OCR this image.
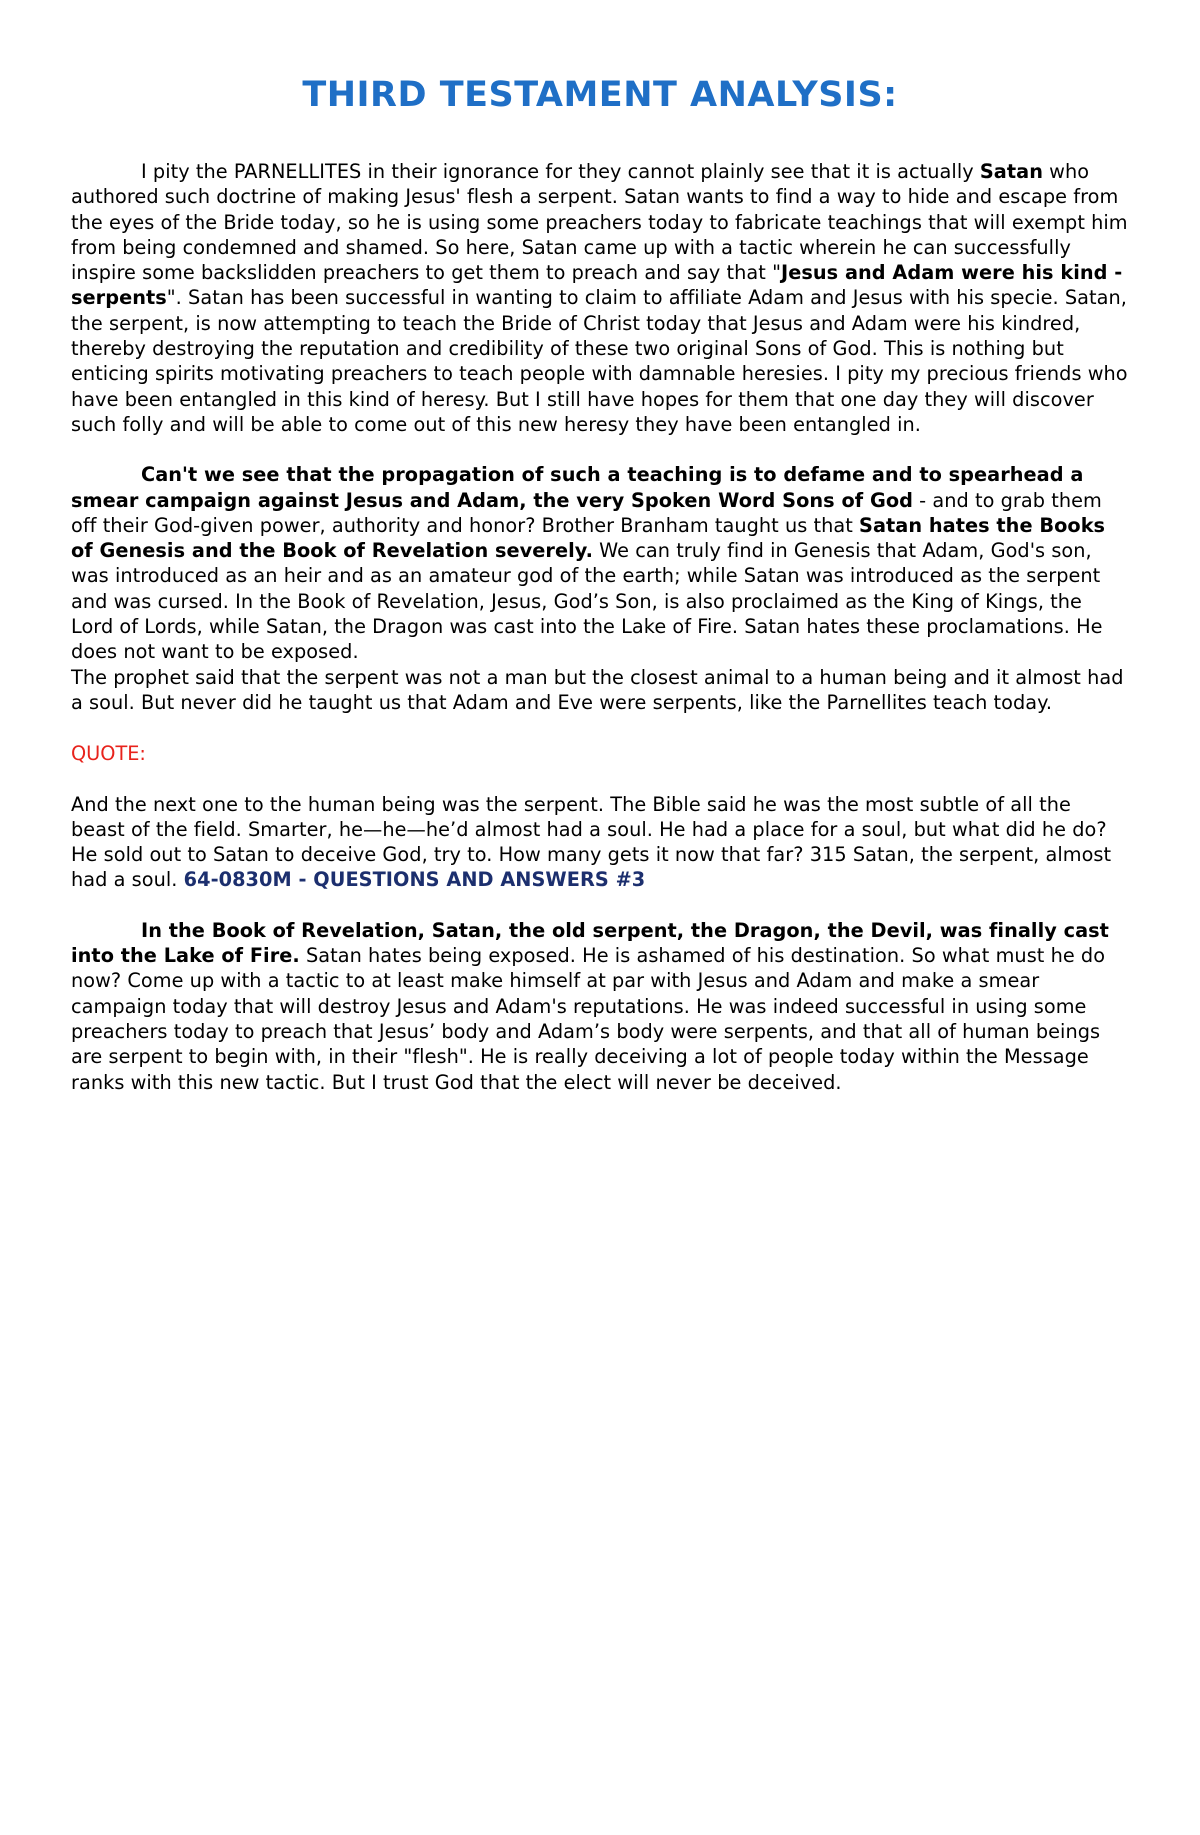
THIRD TESTAMENT ANALYSIS:

I pity the PARNELLITES in their ignorance for they cannot plainly see that it is actually Satan who authored such doctrine of making Jesus' flesh a serpent. Satan wants to find a way to hide and escape from the eyes of the Bride today, so he is using some preachers today to fabricate teachings that will exempt him from being condemned and shamed. So here, Satan came up with a tactic wherein he can successfully inspire some backslidden preachers to get them to preach and say that "Jesus and Adam were his kind - serpents". Satan has been successful in wanting to claim to affiliate Adam and Jesus with his specie. Satan, the serpent, is now attempting to teach the Bride of Christ today that Jesus and Adam were his kindred, thereby destroying the reputation and credibility of these two original Sons of God. This is nothing but enticing spirits motivating preachers to teach people with damnable heresies. I pity my precious friends who have been entangled in this kind of heresy. But I still have hopes for them that one day they will discover such folly and will be able to come out of this new heresy they have been entangled in.

Can't we see that the propagation of such a teaching is to defame and to spearhead a smear campaign against Jesus and Adam, the very Spoken Word Sons of God - and to grab them off their God-given power, authority and honor? Brother Branham taught us that Satan hates the Books of Genesis and the Book of Revelation severely. We can truly find in Genesis that Adam, God's son, was introduced as an heir and as an amateur god of the earth; while Satan was introduced as the serpent and was cursed. In the Book of Revelation, Jesus, God’s Son, is also proclaimed as the King of Kings, the Lord of Lords, while Satan, the Dragon was cast into the Lake of Fire. Satan hates these proclamations. He does not want to be exposed.

The prophet said that the serpent was not a man but the closest animal to a human being and it almost had a soul. But never did he taught us that Adam and Eve were serpents, like the Parnellites teach today.

QUOTE:

And the next one to the human being was the serpent. The Bible said he was the most subtle of all the beast of the field. Smarter, he—he—he’d almost had a soul. He had a place for a soul, but what did he do? He sold out to Satan to deceive God, try to. How many gets it now that far? 315 Satan, the serpent, almost had a soul. 64-0830M - QUESTIONS AND ANSWERS #3

In the Book of Revelation, Satan, the old serpent, the Dragon, the Devil, was finally cast into the Lake of Fire. Satan hates being exposed. He is ashamed of his destination. So what must he do now? Come up with a tactic to at least make himself at par with Jesus and Adam and make a smear campaign today that will destroy Jesus and Adam's reputations. He was indeed successful in using some preachers today to preach that Jesus’ body and Adam’s body were serpents, and that all of human beings are serpent to begin with, in their "flesh". He is really deceiving a lot of people today within the Message ranks with this new tactic. But I trust God that the elect will never be deceived.
